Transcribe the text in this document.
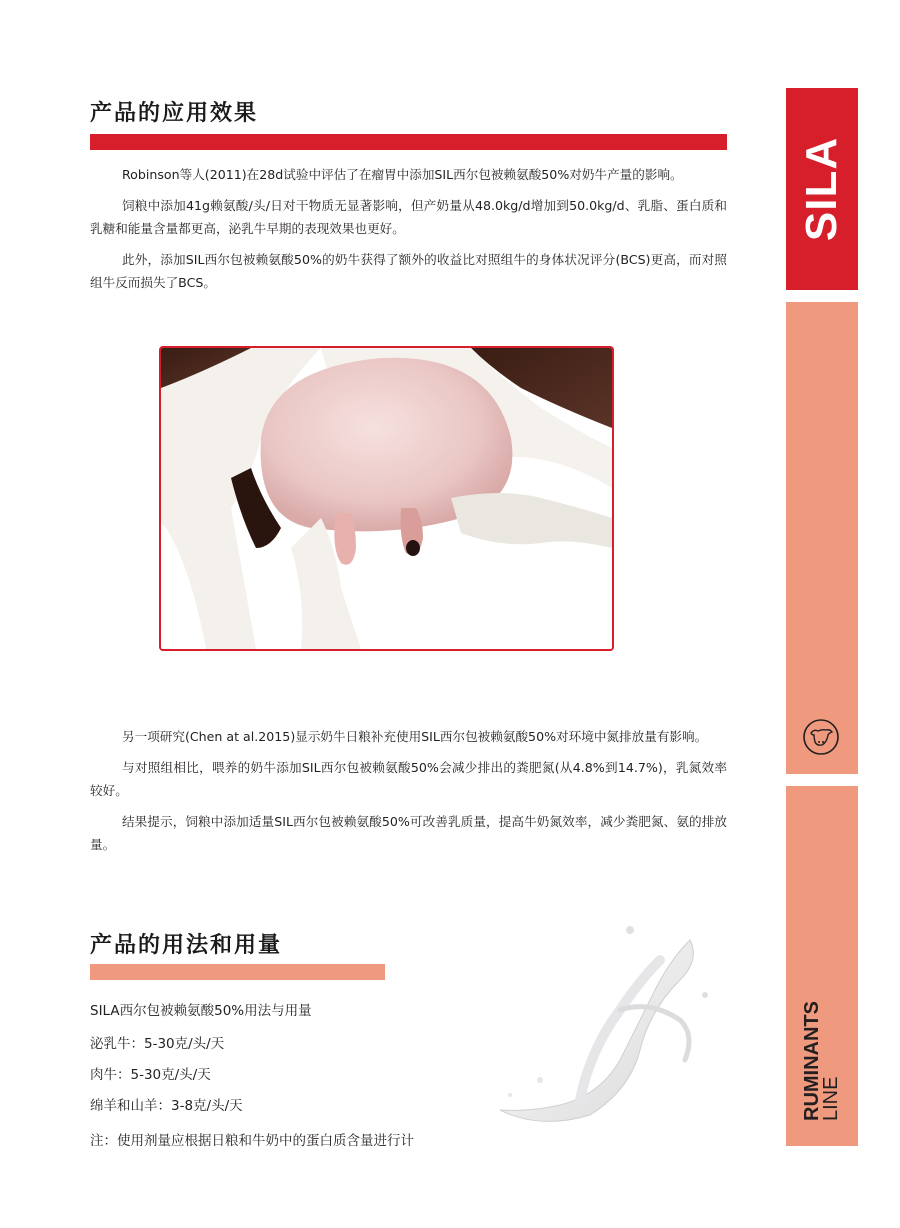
产品的应用效果

Robinson等人(2011)在28d试验中评估了在瘤胃中添加SIL西尔包被赖氨酸50%对奶牛产量的影响。

饲粮中添加41g赖氨酸/头/日对干物质无显著影响，但产奶量从48.0kg/d增加到50.0kg/d、乳脂、蛋白质和乳糖和能量含量都更高，泌乳牛早期的表现效果也更好。

此外，添加SIL西尔包被赖氨酸50%的奶牛获得了额外的收益比对照组牛的身体状况评分(BCS)更高，而对照组牛反而损失了BCS。

另一项研究(Chen at al.2015)显示奶牛日粮补充使用SIL西尔包被赖氨酸50%对环境中氮排放量有影响。

与对照组相比，喂养的奶牛添加SIL西尔包被赖氨酸50%会减少排出的粪肥氮(从4.8%到14.7%)，乳氮效率较好。

结果提示，饲粮中添加适量SIL西尔包被赖氨酸50%可改善乳质量，提高牛奶氮效率，减少粪肥氮、氨的排放量。

产品的用法和用量
SILA西尔包被赖氨酸50%用法与用量
泌乳牛：5-30克/头/天
肉牛：5-30克/头/天
绵羊和山羊：3-8克/头/天
注：使用剂量应根据日粮和牛奶中的蛋白质含量进行计
SILA
RUMINANTS
LINE
